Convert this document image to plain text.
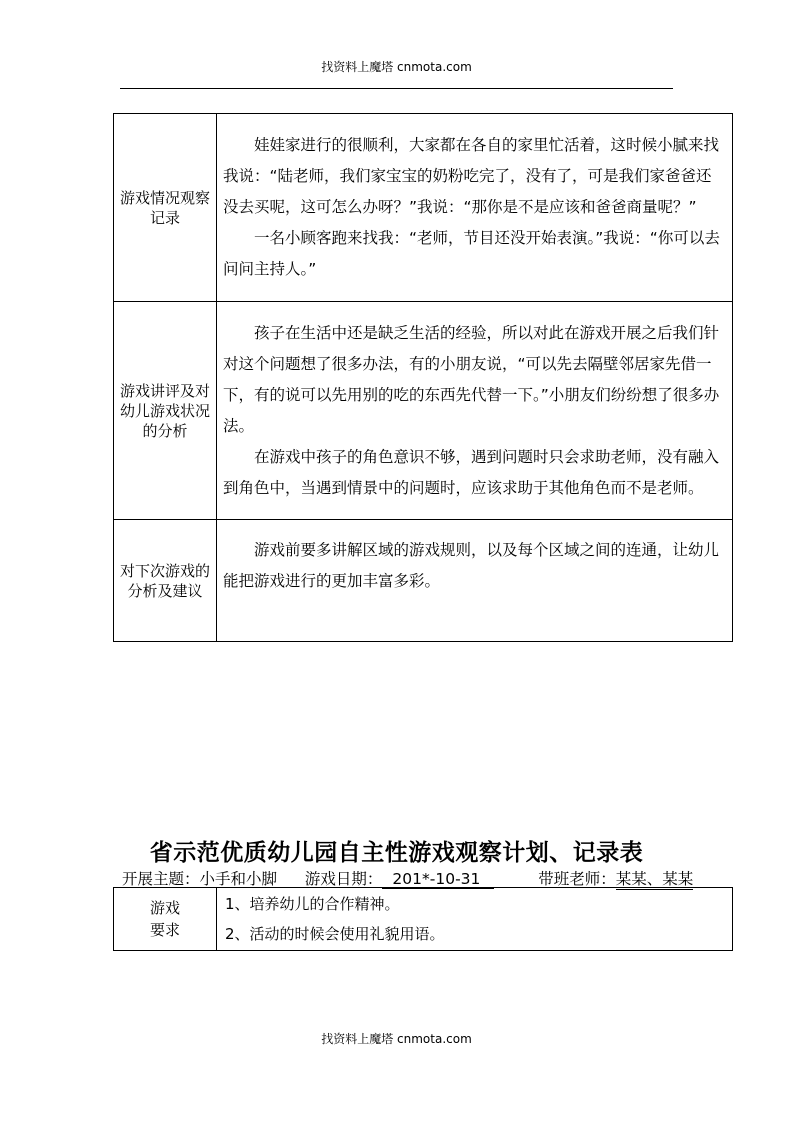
找资料上魔塔 cnmota.com
游戏情况观察记录	娃娃家进行的很顺利，大家都在各自的家里忙活着，这时候小腻来找我说：“陆老师，我们家宝宝的奶粉吃完了，没有了，可是我们家爸爸还没去买呢，这可怎么办呀？”我说：“那你是不是应该和爸爸商量呢？”

一名小顾客跑来找我：“老师，节目还没开始表演。”我说：“你可以去问问主持人。”

游戏讲评及对幼儿游戏状况的分析	孩子在生活中还是缺乏生活的经验，所以对此在游戏开展之后我们针对这个问题想了很多办法，有的小朋友说，“可以先去隔壁邻居家先借一下，有的说可以先用别的吃的东西先代替一下。”小朋友们纷纷想了很多办法。

在游戏中孩子的角色意识不够，遇到问题时只会求助老师，没有融入到角色中，当遇到情景中的问题时，应该求助于其他角色而不是老师。

对下次游戏的分析及建议	游戏前要多讲解区域的游戏规则，以及每个区域之间的连通，让幼儿能把游戏进行的更加丰富多彩。

省示范优质幼儿园自主性游戏观察计划、记录表
开展主题：小手和小脚 游戏日期： 201*-10-31	带班老师：某某、某某
游戏要求

1、培养幼儿的合作精神。

2、活动的时候会使用礼貌用语。

找资料上魔塔 cnmota.com
